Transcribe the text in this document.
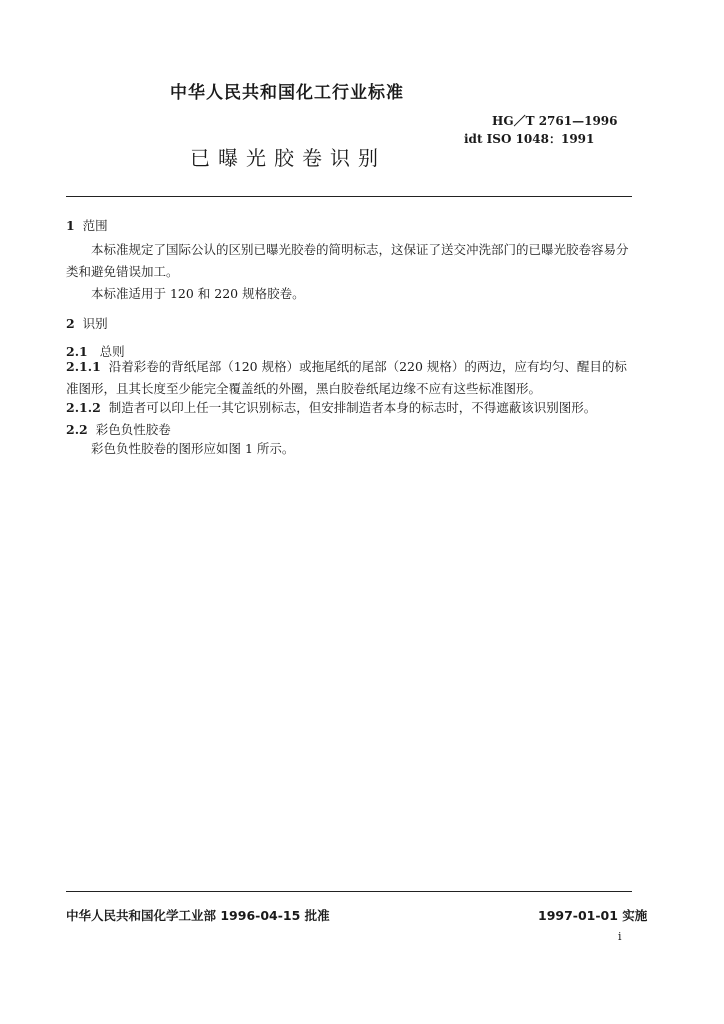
中华人民共和国化工行业标准
HG／T 2761—1996
idt ISO 1048：1991
已曝光胶卷识别
1 范围
本标准规定了国际公认的区别已曝光胶卷的简明标志，这保证了送交冲洗部门的已曝光胶卷容易分类和避免错误加工。
本标准适用于 120 和 220 规格胶卷。
2 识别
2.1 总则
2.1.1 沿着彩卷的背纸尾部（120 规格）或拖尾纸的尾部（220 规格）的两边，应有均匀、醒目的标准图形，且其长度至少能完全覆盖纸的外圈，黑白胶卷纸尾边缘不应有这些标准图形。
2.1.2 制造者可以印上任一其它识别标志，但安排制造者本身的标志时，不得遮蔽该识别图形。
2.2 彩色负性胶卷
彩色负性胶卷的图形应如图 1 所示。
中华人民共和国化学工业部 1996-04-15 批准	1997-01-01 实施
i
